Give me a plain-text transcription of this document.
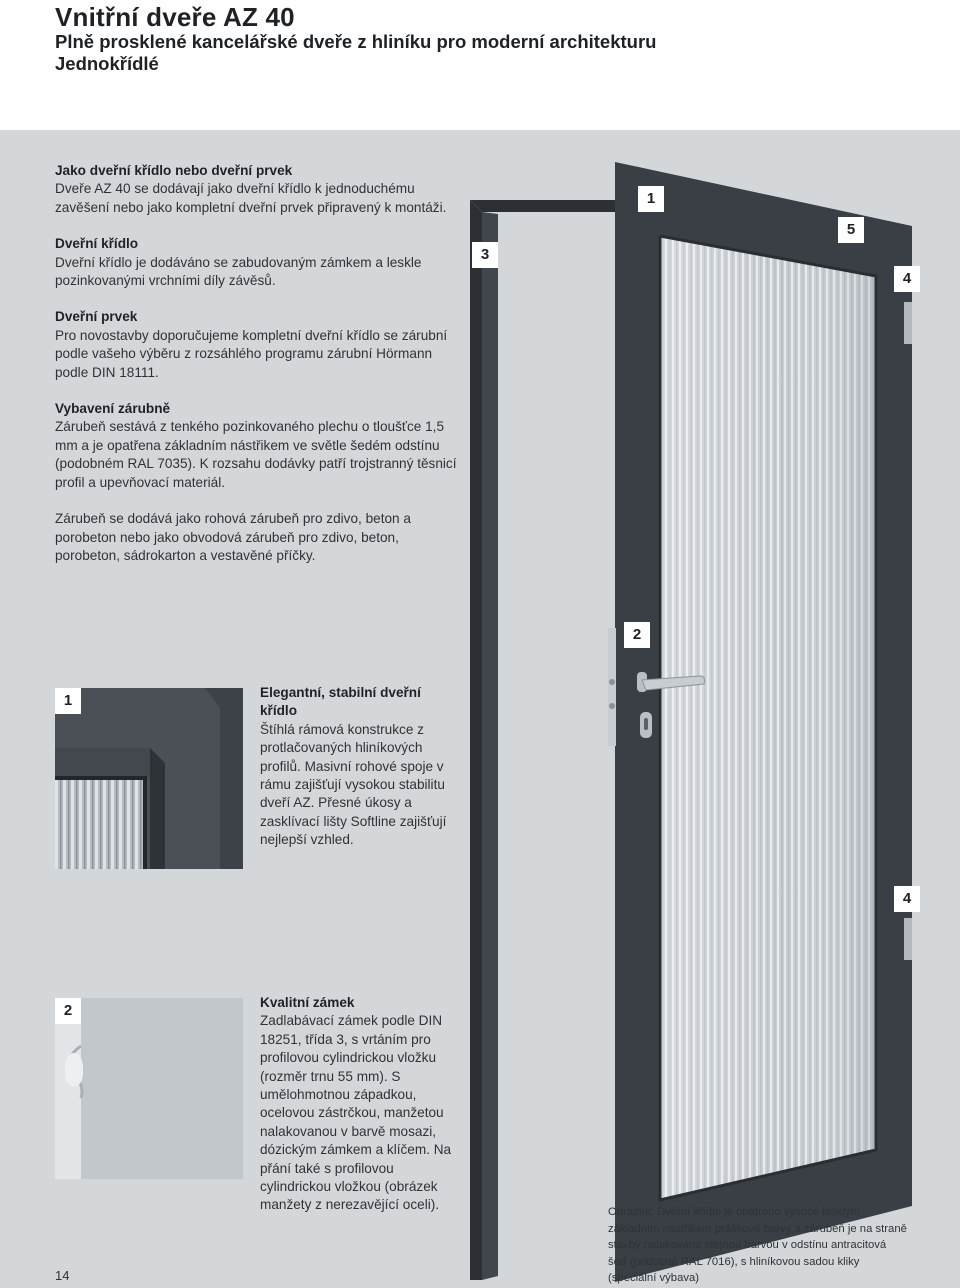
Vnitřní dveře AZ 40
Plně prosklené kancelářské dveře z hliníku pro moderní architekturu
Jednokřídlé
1
5
3
4
2
4

Jako dveřní křídlo nebo dveřní prvek
Dveře AZ 40 se dodávají jako dveřní křídlo k jednoduchému zavěšení nebo jako kompletní dveřní prvek připravený k montáži.

Dveřní křídlo
Dveřní křídlo je dodáváno se zabudovaným zámkem a leskle pozinkovanými vrchními díly závěsů.

Dveřní prvek
Pro novostavby doporučujeme kompletní dveřní křídlo se zárubní podle vašeho výběru z rozsáhlého programu zárubní Hörmann podle DIN 18111.

Vybavení zárubně
Zárubeň sestává z tenkého pozinkovaného plechu o tloušťce 1,5 mm a je opatřena základním nástřikem ve světle šedém odstínu (podobném RAL 7035). K rozsahu dodávky patří trojstranný těsnicí profil a upevňovací materiál.

Zárubeň se dodává jako rohová zárubeň pro zdivo, beton a porobeton nebo jako obvodová zárubeň pro zdivo, beton, porobeton, sádrokarton a vestavěné příčky.

1	Elegantní, stabilní dveřní křídlo
Štíhlá rámová konstrukce z protlačovaných hliníkových profilů. Masivní rohové spoje v rámu zajišťují vysokou stabilitu dveří AZ. Přesné úkosy a zasklívací lišty Softline zajišťují nejlepší vzhled.
2	Kvalitní zámek
Zadlabávací zámek podle DIN 18251, třída 3, s vrtáním pro profilovou cylindrickou vložku (rozměr trnu 55 mm). S umělohmotnou západkou, ocelovou zástrčkou, manžetou nalakovanou v barvě mosazi, dózickým zámkem a klíčem. Na přání také s profilovou cylindrickou vložkou (obrázek manžety z nerezavějící oceli).	Obrázek: Dveřní křídlo je opatřeno vysoce lesklým základním nástřikem práškové barvy a zárubeň je na straně stavby nalakována stejnou barvou v odstínu antracitová šeď (podobná RAL 7016), s hliníkovou sadou kliky (speciální výbava)
14
